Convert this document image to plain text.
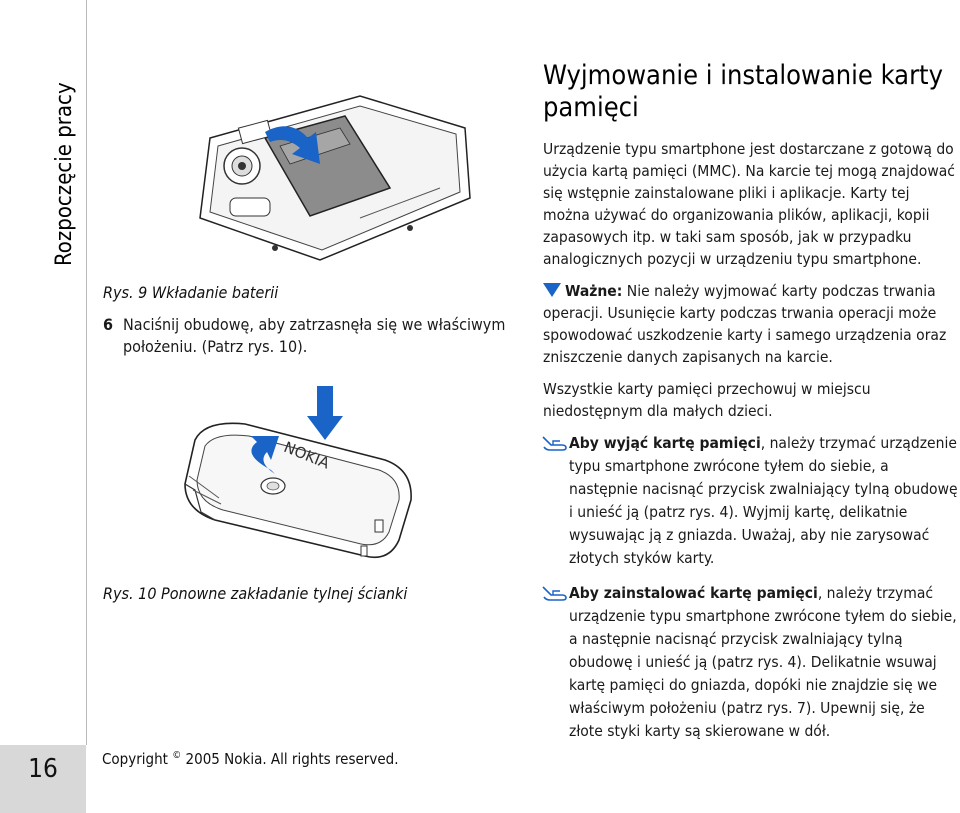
Rozpoczęcie pracy
16
Rys. 9 Wkładanie baterii
6 Naciśnij obudowę, aby zatrzasnęła się we właściwym położeniu. (Patrz rys. 10).
NOKIA
Rys. 10 Ponowne zakładanie tylnej ścianki
Copyright © 2005 Nokia. All rights reserved.
Wyjmowanie i instalowanie karty pamięci

Urządzenie typu smartphone jest dostarczane z gotową do użycia kartą pamięci (MMC). Na karcie tej mogą znajdować się wstępnie zainstalowane pliki i aplikacje. Karty tej można używać do organizowania plików, aplikacji, kopii zapasowych itp. w taki sam sposób, jak w przypadku analogicznych pozycji w urządzeniu typu smartphone.

Ważne: Nie należy wyjmować karty podczas trwania operacji. Usunięcie karty podczas trwania operacji może spowodować uszkodzenie karty i samego urządzenia oraz zniszczenie danych zapisanych na karcie.

Wszystkie karty pamięci przechowuj w miejscu niedostępnym dla małych dzieci.

Aby wyjąć kartę pamięci, należy trzymać urządzenie typu smartphone zwrócone tyłem do siebie, a następnie nacisnąć przycisk zwalniający tylną obudowę i unieść ją (patrz rys. 4). Wyjmij kartę, delikatnie wysuwając ją z gniazda. Uważaj, aby nie zarysować złotych styków karty.
Aby zainstalować kartę pamięci, należy trzymać urządzenie typu smartphone zwrócone tyłem do siebie, a następnie nacisnąć przycisk zwalniający tylną obudowę i unieść ją (patrz rys. 4). Delikatnie wsuwaj kartę pamięci do gniazda, dopóki nie znajdzie się we właściwym położeniu (patrz rys. 7). Upewnij się, że złote styki karty są skierowane w dół.
